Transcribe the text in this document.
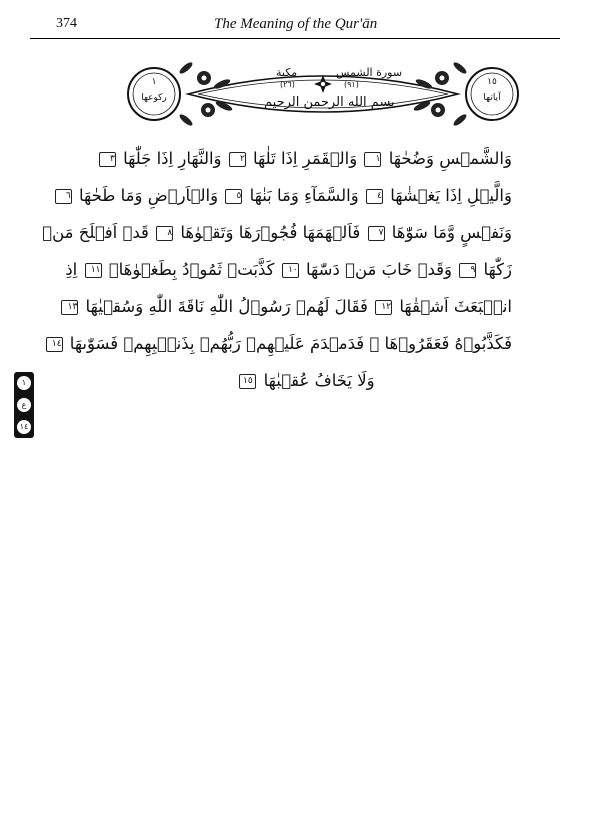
374	The Meaning of the Qur'ān
١
ركوعها
١٥
آياتها
سورة الشمس
(٩١)
مكية
(٢٦)
بسم الله الرحمن الرحيم
وَالشَّمۡسِ وَضُحٰهَا ١ وَالۡقَمَرِ اِذَا تَلٰهَا ٢ وَالنَّهَارِ اِذَا جَلّٰهَا ٣
وَالَّيۡلِ اِذَا يَغۡشٰهَا ٤ وَالسَّمَآءِ وَمَا بَنٰهَا ٥ وَالۡاَرۡضِ وَمَا طَحٰهَا ٦
وَنَفۡسٍ وَّمَا سَوّٰهَا ٧ فَاَلۡهَمَهَا فُجُوۡرَهَا وَتَقۡوٰهَا ٨ قَدۡ اَفۡلَحَ مَنۡ
زَكّٰهَا ٩ وَقَدۡ خَابَ مَنۡ دَسّٰهَا ١٠ كَذَّبَتۡ ثَمُوۡدُ بِطَغۡوٰهَاۤ ١١ اِذِ
انۡۢبَعَثَ اَشۡقٰهَا ١٢ فَقَالَ لَهُمۡ رَسُوۡلُ اللّٰهِ نَاقَةَ اللّٰهِ وَسُقۡيٰهَا ١٣
فَكَذَّبُوۡهُ فَعَقَرُوۡهَا ۙ فَدَمۡدَمَ عَلَيۡهِمۡ رَبُّهُمۡ بِذَنۡۢبِهِمۡ فَسَوّٰٮهَا ١٤
وَلَا يَخَافُ عُقۡبٰهَا ١٥
١
ع
١٤
